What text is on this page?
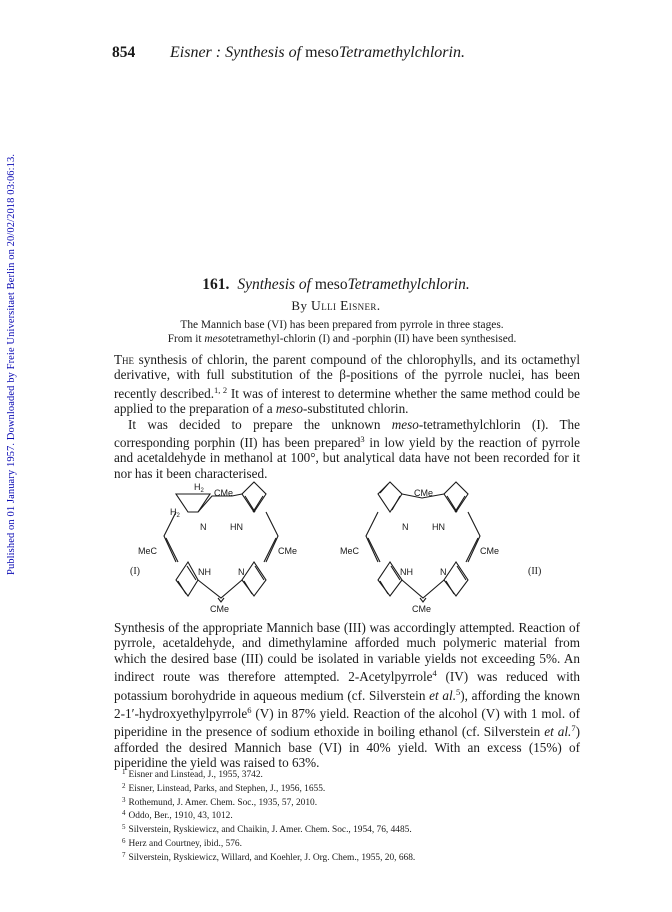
Published on 01 January 1957. Downloaded by Freie Universitaet Berlin on 20/02/2018 03:06:13.
854 Eisner : Synthesis of mesoTetramethylchlorin.
161. Synthesis of mesoTetramethylchlorin.
By Ulli Eisner.

The Mannich base (VI) has been prepared from pyrrole in three stages.

From it mesotetramethyl-chlorin (I) and -porphin (II) have been synthesised.

The synthesis of chlorin, the parent compound of the chlorophylls, and its octamethyl derivative, with full substitution of the β-positions of the pyrrole nuclei, has been recently described.$^{1, 2}$ It was of interest to determine whether the same method could be applied to the preparation of a meso-substituted chlorin.

It was decided to prepare the unknown meso-tetramethylchlorin (I). The corresponding porphin (II) has been prepared$^3$ in low yield by the reaction of pyrrole and acetaldehyde in methanol at 100°, but analytical data have not been recorded for it nor has it been characterised.

(I)
$H_2$
$H_2$
CMe
N	HN
MeC	CMe
NH	N
CMe
CMe
N	HN
MeC	CMe
NH	N
CMe
(II)

Synthesis of the appropriate Mannich base (III) was accordingly attempted. Reaction of pyrrole, acetaldehyde, and dimethylamine afforded much polymeric material from which the desired base (III) could be isolated in variable yields not exceeding 5%. An indirect route was therefore attempted. 2-Acetylpyrrole$^4$ (IV) was reduced with potassium borohydride in aqueous medium (cf. Silverstein et al.$^5$), affording the known 2-1′-hydroxyethylpyrrole$^6$ (V) in 87% yield. Reaction of the alcohol (V) with 1 mol. of piperidine in the presence of sodium ethoxide in boiling ethanol (cf. Silverstein et al.$^7$) afforded the desired Mannich base (VI) in 40% yield. With an excess (15%) of piperidine the yield was raised to 63%.

$^1$ Eisner and Linstead, J., 1955, 3742.
$^2$ Eisner, Linstead, Parks, and Stephen, J., 1956, 1655.
$^3$ Rothemund, J. Amer. Chem. Soc., 1935, 57, 2010.
$^4$ Oddo, Ber., 1910, 43, 1012.
$^5$ Silverstein, Ryskiewicz, and Chaikin, J. Amer. Chem. Soc., 1954, 76, 4485.
$^6$ Herz and Courtney, ibid., 576.
$^7$ Silverstein, Ryskiewicz, Willard, and Koehler, J. Org. Chem., 1955, 20, 668.
